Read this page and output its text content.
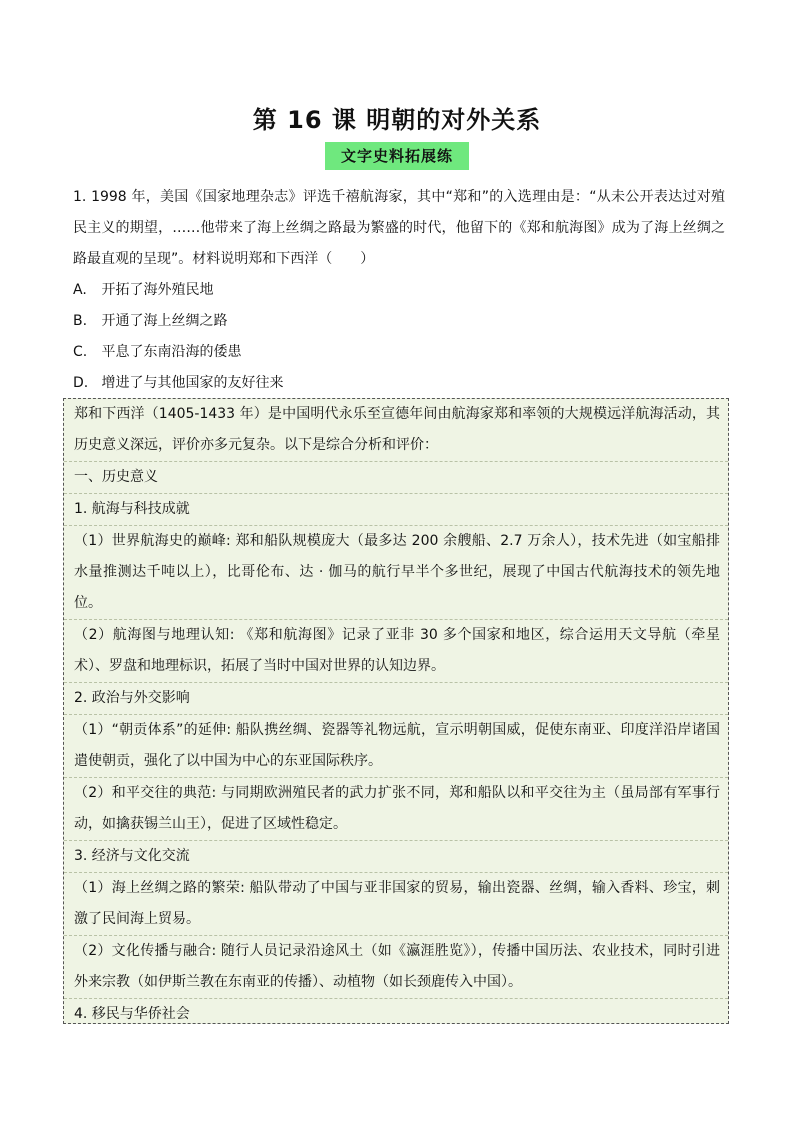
第 16 课 明朝的对外关系
文字史料拓展练
1. 1998 年，美国《国家地理杂志》评选千禧航海家，其中“郑和”的入选理由是：“从未公开表达过对殖民主义的期望，……他带来了海上丝绸之路最为繁盛的时代，他留下的《郑和航海图》成为了海上丝绸之路最直观的呈现”。材料说明郑和下西洋（　　）
A. 开拓了海外殖民地
B. 开通了海上丝绸之路
C. 平息了东南沿海的倭患
D. 增进了与其他国家的友好往来
郑和下西洋（1405-1433 年）是中国明代永乐至宣德年间由航海家郑和率领的大规模远洋航海活动，其历史意义深远，评价亦多元复杂。以下是综合分析和评价：
一、历史意义
1. 航海与科技成就
（1）世界航海史的巅峰: 郑和船队规模庞大（最多达 200 余艘船、2.7 万余人），技术先进（如宝船排水量推测达千吨以上），比哥伦布、达 · 伽马的航行早半个多世纪，展现了中国古代航海技术的领先地位。
（2）航海图与地理认知: 《郑和航海图》记录了亚非 30 多个国家和地区，综合运用天文导航（牵星术）、罗盘和地理标识，拓展了当时中国对世界的认知边界。
2. 政治与外交影响
（1）“朝贡体系”的延伸: 船队携丝绸、瓷器等礼物远航，宣示明朝国威，促使东南亚、印度洋沿岸诸国遣使朝贡，强化了以中国为中心的东亚国际秩序。
（2）和平交往的典范: 与同期欧洲殖民者的武力扩张不同，郑和船队以和平交往为主（虽局部有军事行动，如擒获锡兰山王），促进了区域性稳定。
3. 经济与文化交流
（1）海上丝绸之路的繁荣: 船队带动了中国与亚非国家的贸易，输出瓷器、丝绸，输入香料、珍宝，刺激了民间海上贸易。
（2）文化传播与融合: 随行人员记录沿途风土（如《瀛涯胜览》），传播中国历法、农业技术，同时引进外来宗教（如伊斯兰教在东南亚的传播）、动植物（如长颈鹿传入中国）。
4. 移民与华侨社会
